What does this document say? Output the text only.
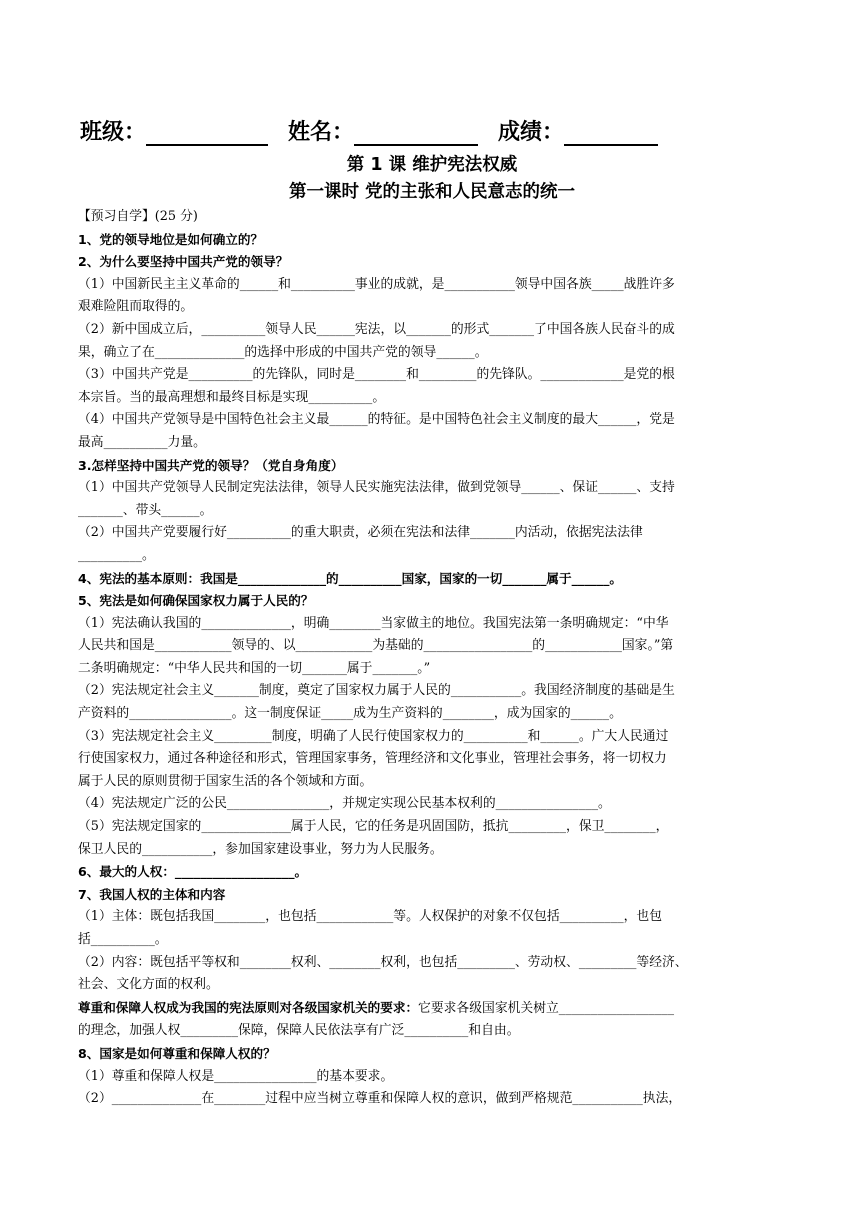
班级：	姓名：	成绩：
第 1 课 维护宪法权威
第一课时 党的主张和人民意志的统一
【预习自学】(25 分)
1、党的领导地位是如何确立的？
2、为什么要坚持中国共产党的领导？
（1）中国新民主主义革命的______和__________事业的成就，是___________领导中国各族_____战胜许多
艰难险阻而取得的。
（2）新中国成立后，__________领导人民______宪法，以_______的形式_______了中国各族人民奋斗的成
果，确立了在______________的选择中形成的中国共产党的领导______。
（3）中国共产党是__________的先锋队，同时是________和_________的先锋队。_____________是党的根
本宗旨。当的最高理想和最终目标是实现__________。
（4）中国共产党领导是中国特色社会主义最______的特征。是中国特色社会主义制度的最大______，党是
最高__________力量。
3.怎样坚持中国共产党的领导？（党自身角度）
（1）中国共产党领导人民制定宪法法律，领导人民实施宪法法律，做到党领导______、保证______、支持
_______、带头______。
（2）中国共产党要履行好__________的重大职责，必须在宪法和法律_______内活动，依据宪法法律
__________。
4、宪法的基本原则：我国是______________的__________国家，国家的一切_______属于______。
5、宪法是如何确保国家权力属于人民的？
（1）宪法确认我国的______________，明确________当家做主的地位。我国宪法第一条明确规定：“中华
人民共和国是____________领导的、以____________为基础的_________________的____________国家。”第
二条明确规定：“中华人民共和国的一切_______属于_______。”
（2）宪法规定社会主义_______制度，奠定了国家权力属于人民的___________。我国经济制度的基础是生
产资料的________________。这一制度保证_____成为生产资料的________，成为国家的______。
（3）宪法规定社会主义_________制度，明确了人民行使国家权力的__________和______。广大人民通过
行使国家权力，通过各种途径和形式，管理国家事务，管理经济和文化事业，管理社会事务，将一切权力
属于人民的原则贯彻于国家生活的各个领域和方面。
（4）宪法规定广泛的公民________________，并规定实现公民基本权利的________________。
（5）宪法规定国家的______________属于人民，它的任务是巩固国防，抵抗_________，保卫________，
保卫人民的___________，参加国家建设事业，努力为人民服务。
6、最大的人权：___________________。
7、我国人权的主体和内容
（1）主体：既包括我国________，也包括____________等。人权保护的对象不仅包括__________，也包
括__________。
（2）内容：既包括平等权和________权利、________权利，也包括_________、劳动权、_________等经济、
社会、文化方面的权利。
尊重和保障人权成为我国的宪法原则对各级国家机关的要求：它要求各级国家机关树立__________________
的理念，加强人权_________保障，保障人民依法享有广泛__________和自由。
8、国家是如何尊重和保障人权的？
（1）尊重和保障人权是________________的基本要求。
（2）______________在________过程中应当树立尊重和保障人权的意识，做到严格规范___________执法，
